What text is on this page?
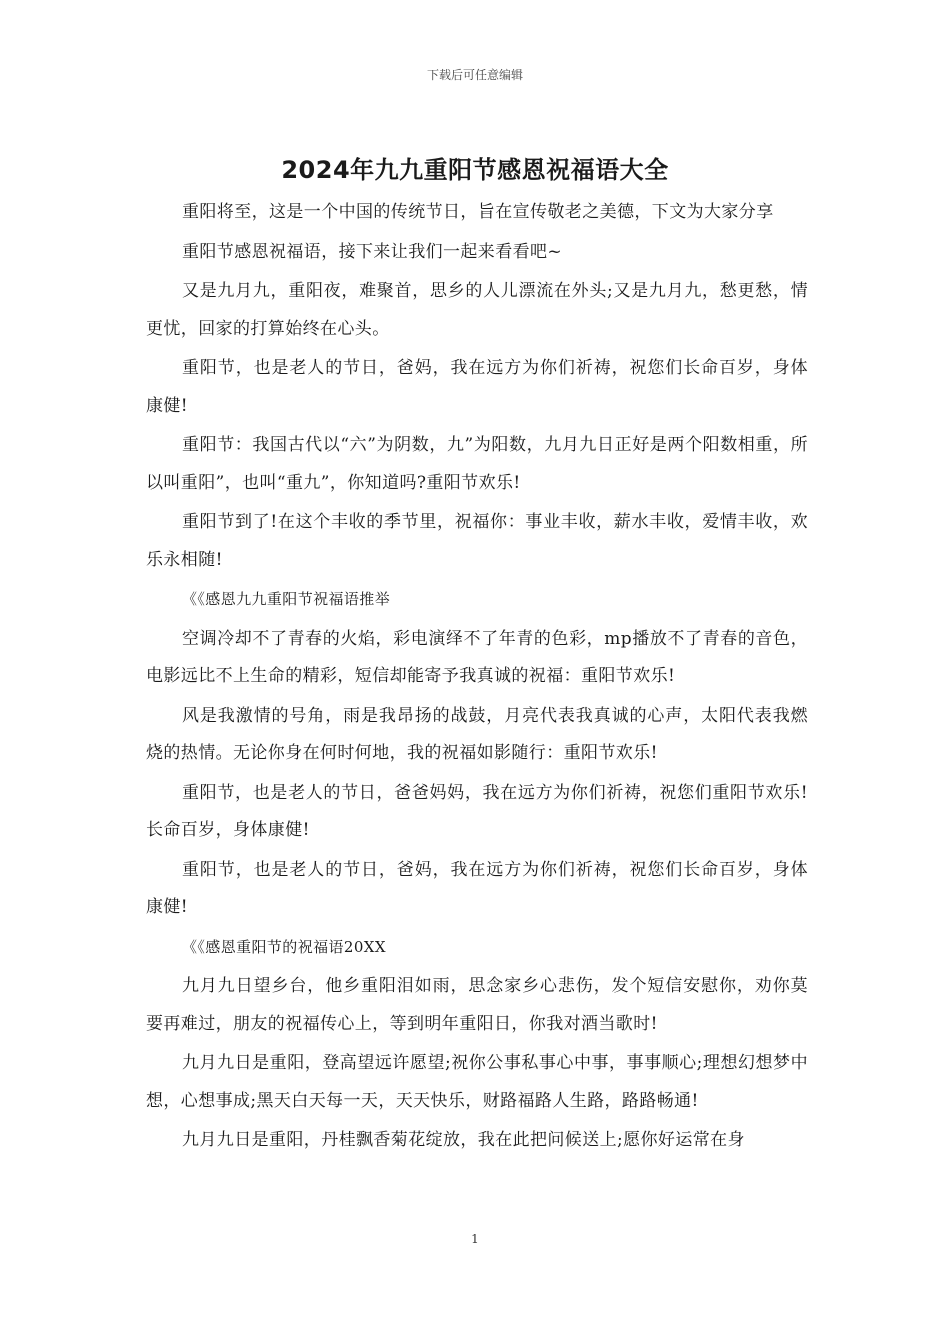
下载后可任意编辑
2024年九九重阳节感恩祝福语大全

重阳将至，这是一个中国的传统节日，旨在宣传敬老之美德，下文为大家分享

重阳节感恩祝福语，接下来让我们一起来看看吧~

又是九月九，重阳夜，难聚首，思乡的人儿漂流在外头;又是九月九，愁更愁，情更忧，回家的打算始终在心头。

重阳节，也是老人的节日，爸妈，我在远方为你们祈祷，祝您们长命百岁，身体康健!

重阳节：我国古代以“六”为阴数，九”为阳数，九月九日正好是两个阳数相重，所以叫重阳”，也叫“重九”，你知道吗?重阳节欢乐!

重阳节到了!在这个丰收的季节里，祝福你：事业丰收，薪水丰收，爱情丰收，欢乐永相随!

《《感恩九九重阳节祝福语推举

空调冷却不了青春的火焰，彩电演绎不了年青的色彩，mp播放不了青春的音色，电影远比不上生命的精彩，短信却能寄予我真诚的祝福：重阳节欢乐!

风是我激情的号角，雨是我昂扬的战鼓，月亮代表我真诚的心声，太阳代表我燃烧的热情。无论你身在何时何地，我的祝福如影随行：重阳节欢乐!

重阳节，也是老人的节日，爸爸妈妈，我在远方为你们祈祷，祝您们重阳节欢乐!长命百岁，身体康健!

重阳节，也是老人的节日，爸妈，我在远方为你们祈祷，祝您们长命百岁，身体康健!

《《感恩重阳节的祝福语20XX

九月九日望乡台，他乡重阳泪如雨，思念家乡心悲伤，发个短信安慰你，劝你莫要再难过，朋友的祝福传心上，等到明年重阳日，你我对酒当歌时!

九月九日是重阳，登高望远许愿望;祝你公事私事心中事，事事顺心;理想幻想梦中想，心想事成;黑天白天每一天，天天快乐，财路福路人生路，路路畅通!

九月九日是重阳，丹桂飘香菊花绽放，我在此把问候送上;愿你好运常在身

1
